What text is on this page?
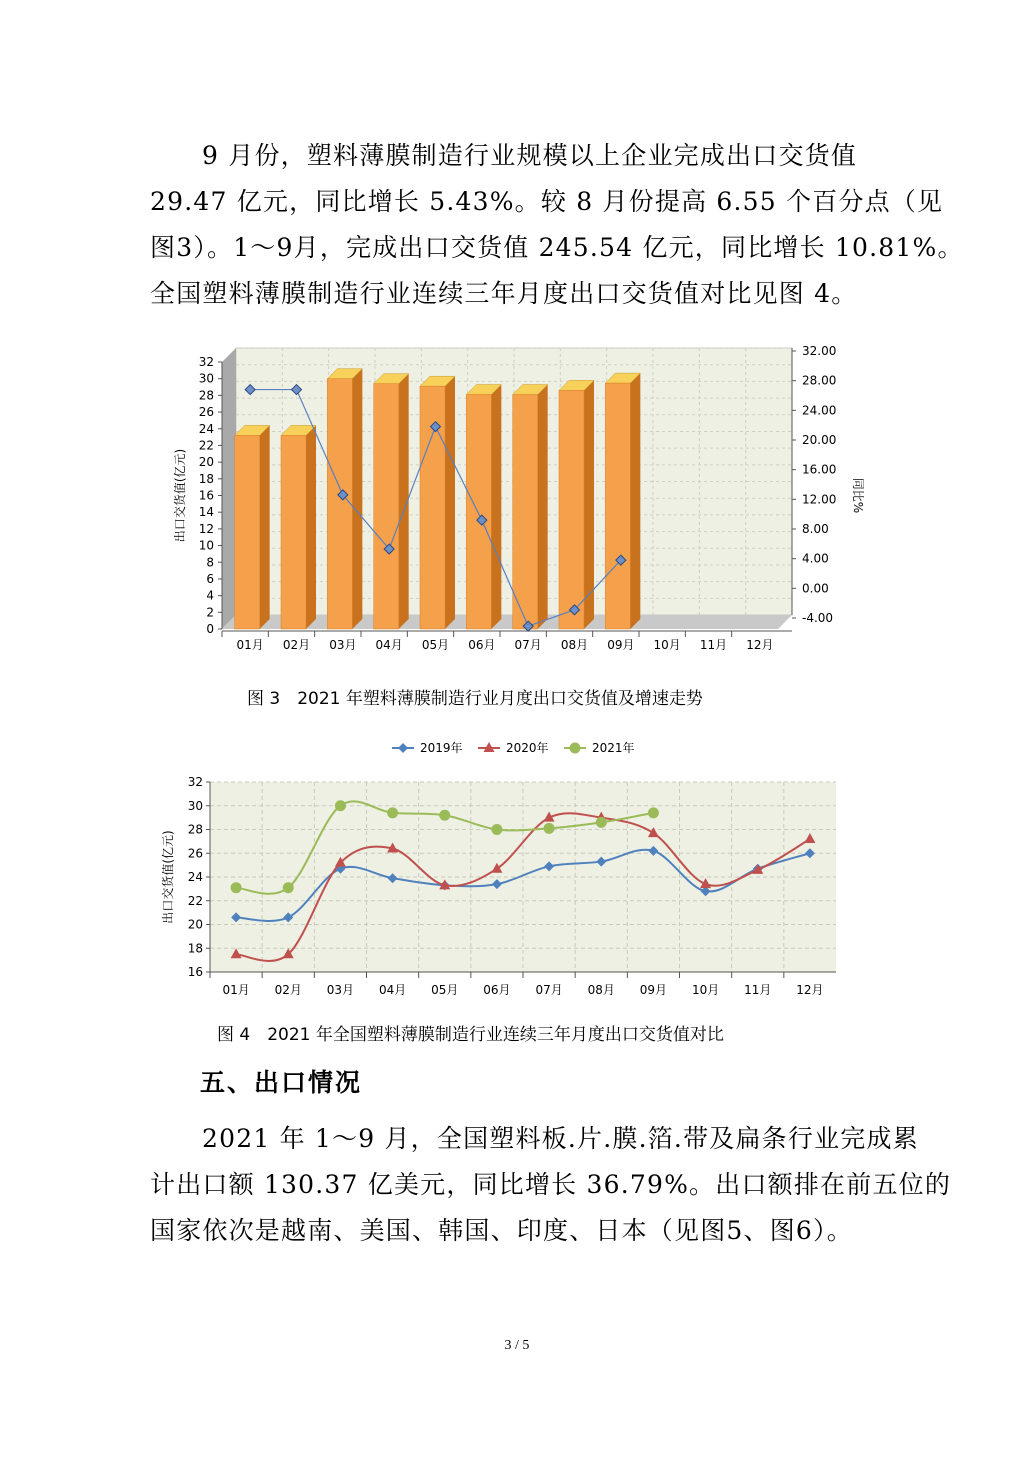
9 月份，塑料薄膜制造行业规模以上企业完成出口交货值
29.47 亿元，同比增长 5.43%。较 8 月份提高 6.55 个百分点（见
图3）。1～9月，完成出口交货值 245.54 亿元，同比增长 10.81%。
全国塑料薄膜制造行业连续三年月度出口交货值对比见图 4。
0
2
4
6
8
10
12
14
16
18
20
22
24
26
28
30
32
-4.00
0.00
4.00
8.00
12.00
16.00
20.00
24.00
28.00
32.00
01月 02月 03月 04月 05月 06月 07月 08月 09月 10月 11月 12月
出口交货值(亿元)	同比%
图 3　2021 年塑料薄膜制造行业月度出口交货值及增速走势
16
18
20
22
24
26
28
30
32
01月 02月 03月 04月 05月 06月 07月 08月 09月 10月 11月 12月
出口交货值(亿元)
2019年	2020年	2021年
图 4　2021 年全国塑料薄膜制造行业连续三年月度出口交货值对比
五、出口情况
2021 年 1～9 月，全国塑料板.片.膜.箔.带及扁条行业完成累
计出口额 130.37 亿美元，同比增长 36.79%。出口额排在前五位的
国家依次是越南、美国、韩国、印度、日本（见图5、图6）。
3 / 5
